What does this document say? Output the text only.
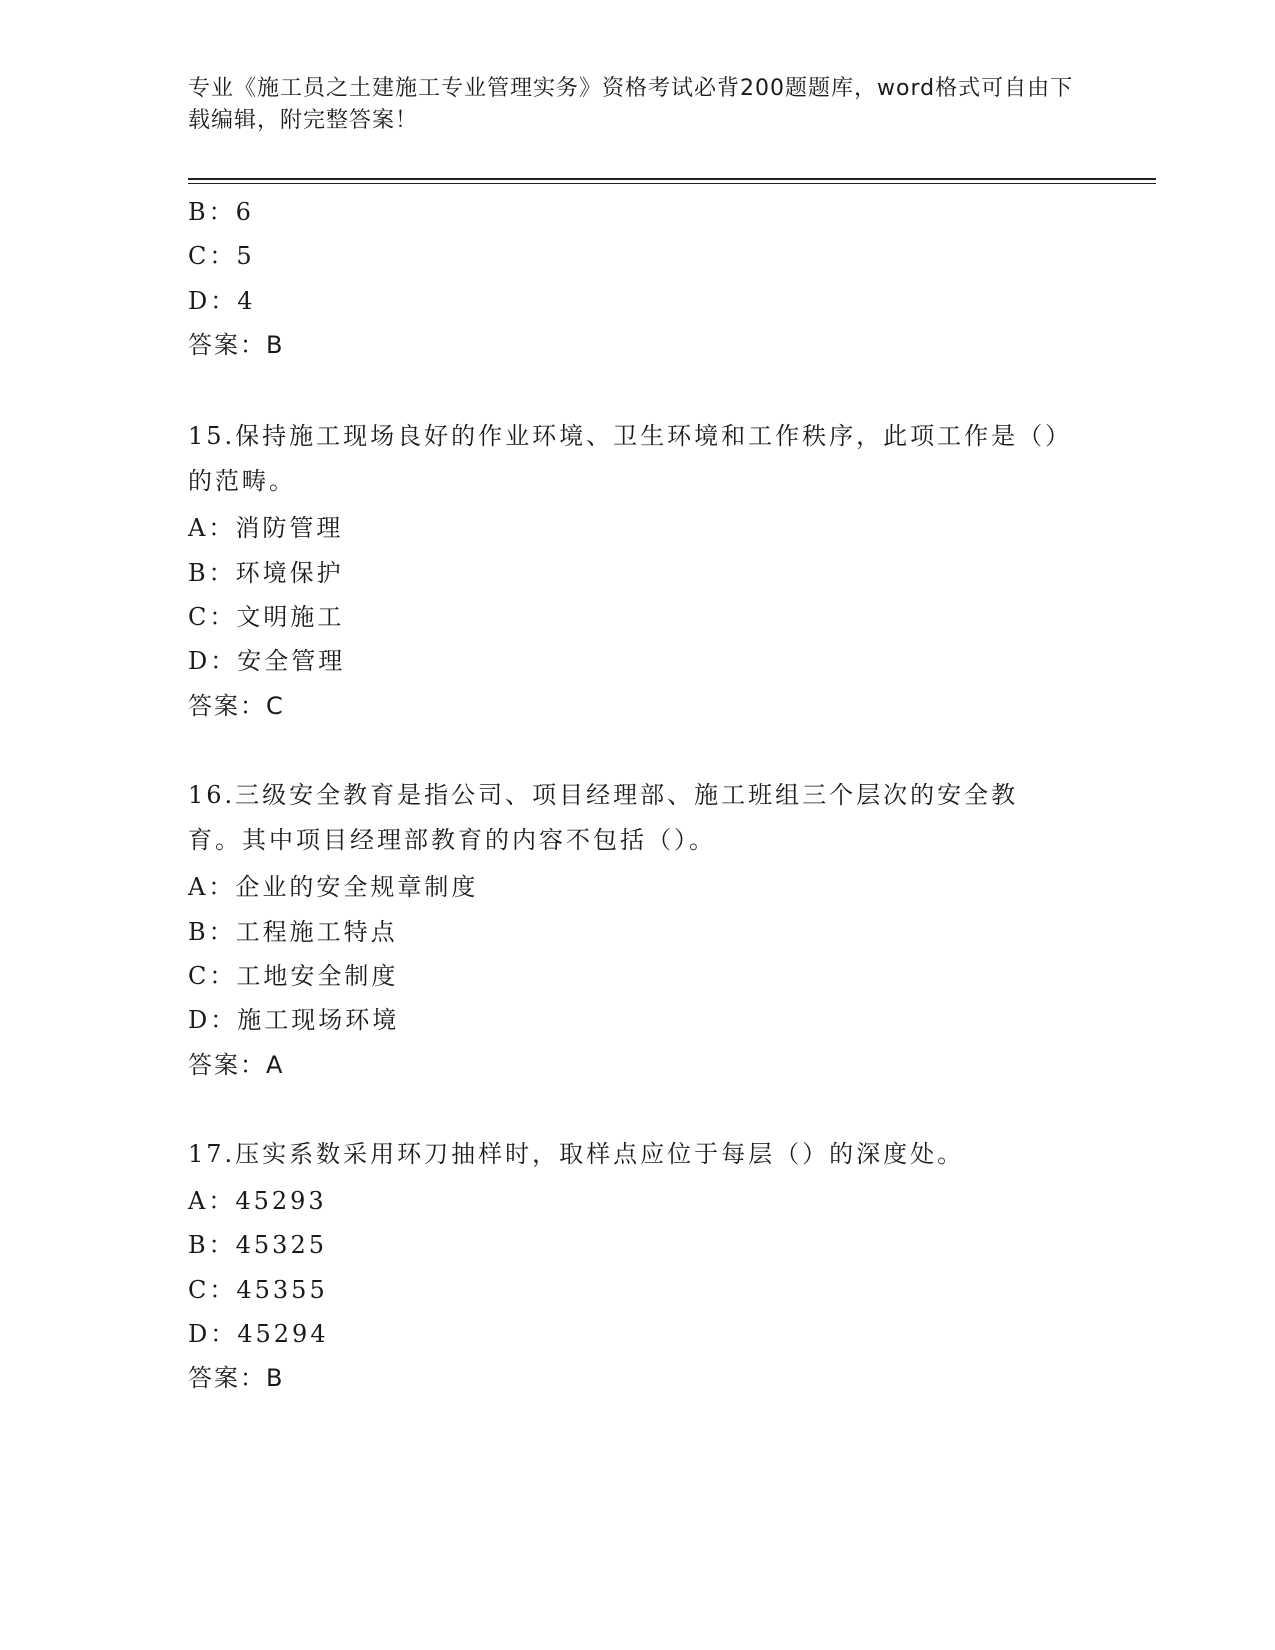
专业《施工员之土建施工专业管理实务》资格考试必背200题题库，word格式可自由下载编辑，附完整答案！
B：6
C：5
D：4
答案：B
15.保持施工现场良好的作业环境、卫生环境和工作秩序，此项工作是（）的范畴。
A：消防管理
B：环境保护
C：文明施工
D：安全管理
答案：C
16.三级安全教育是指公司、项目经理部、施工班组三个层次的安全教育。其中项目经理部教育的内容不包括（）。
A：企业的安全规章制度
B：工程施工特点
C：工地安全制度
D：施工现场环境
答案：A
17.压实系数采用环刀抽样时，取样点应位于每层（）的深度处。
A：45293
B：45325
C：45355
D：45294
答案：B
